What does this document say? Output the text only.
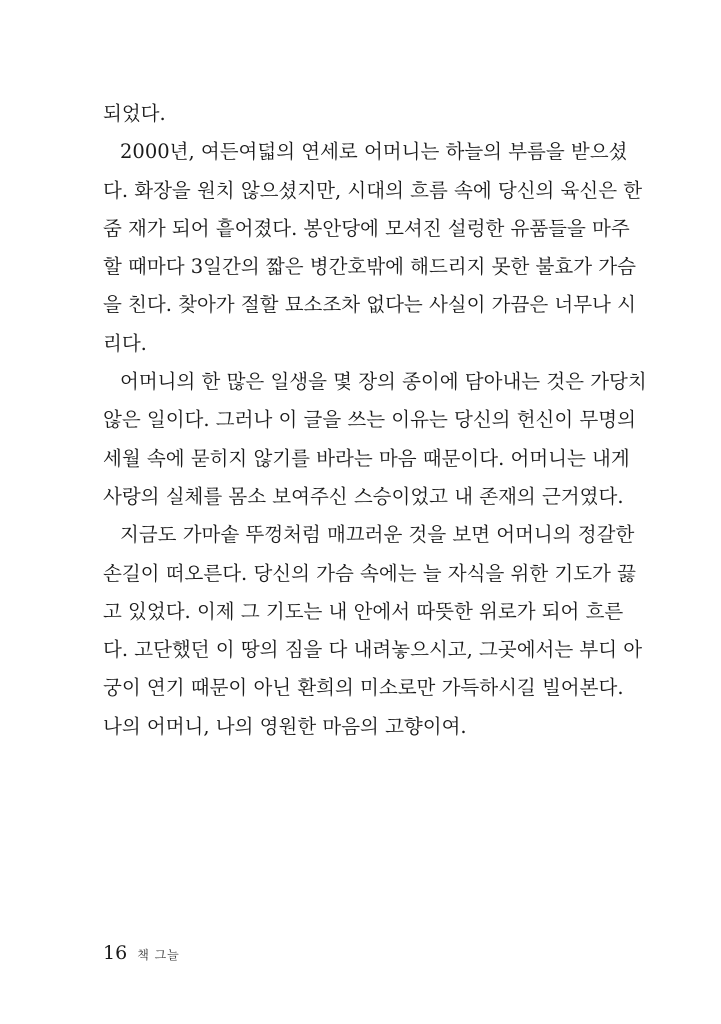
되었다.
2000년, 여든여덟의 연세로 어머니는 하늘의 부름을 받으셨
다. 화장을 원치 않으셨지만, 시대의 흐름 속에 당신의 육신은 한
줌 재가 되어 흩어졌다. 봉안당에 모셔진 설렁한 유품들을 마주
할 때마다 3일간의 짧은 병간호밖에 해드리지 못한 불효가 가슴
을 친다. 찾아가 절할 묘소조차 없다는 사실이 가끔은 너무나 시
리다.
어머니의 한 많은 일생을 몇 장의 종이에 담아내는 것은 가당치
않은 일이다. 그러나 이 글을 쓰는 이유는 당신의 헌신이 무명의
세월 속에 묻히지 않기를 바라는 마음 때문이다. 어머니는 내게
사랑의 실체를 몸소 보여주신 스승이었고 내 존재의 근거였다.
지금도 가마솥 뚜껑처럼 매끄러운 것을 보면 어머니의 정갈한
손길이 떠오른다. 당신의 가슴 속에는 늘 자식을 위한 기도가 끓
고 있었다. 이제 그 기도는 내 안에서 따뜻한 위로가 되어 흐른
다. 고단했던 이 땅의 짐을 다 내려놓으시고, 그곳에서는 부디 아
궁이 연기 때문이 아닌 환희의 미소로만 가득하시길 빌어본다.
나의 어머니, 나의 영원한 마음의 고향이여.
16 책 그늘
